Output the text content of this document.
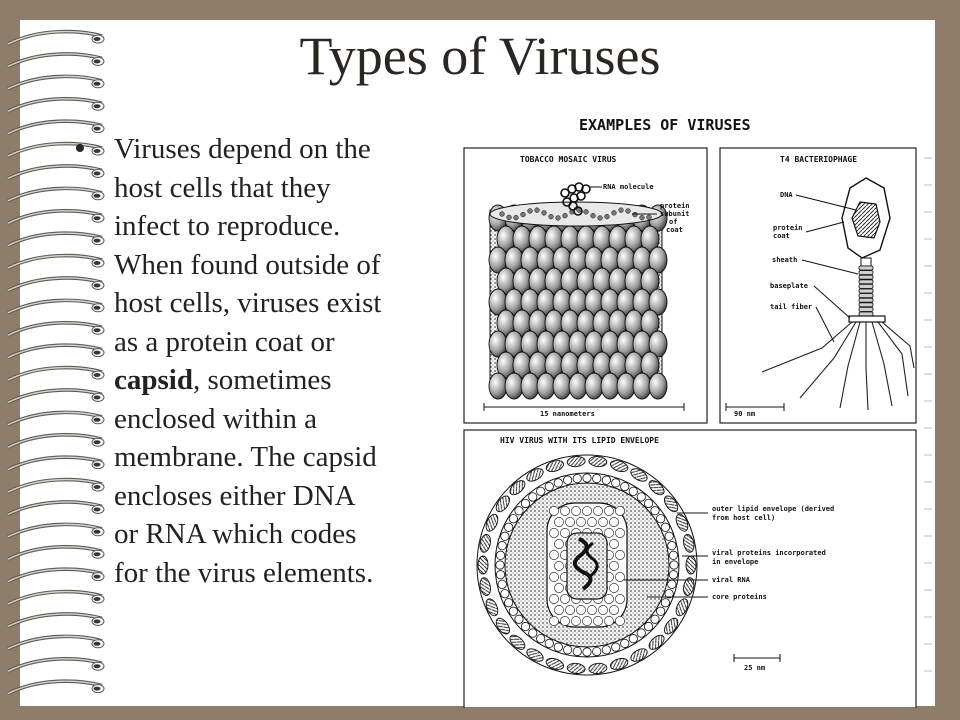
Types of Viruses
• Viruses depend on the
host cells that they
infect to reproduce.
When found outside of
host cells, viruses exist
as a protein coat or
capsid, sometimes
enclosed within a
membrane. The capsid
encloses either DNA
or RNA which codes
for the virus elements.
EXAMPLES OF VIRUSES
TOBACCO MOSAIC VIRUS
RNA molecule
protein subunit of coat
15 nanometers
T4 BACTERIOPHAGE
DNA
protein coat
sheath
baseplate
tail fiber
90 nm
HIV VIRUS WITH ITS LIPID ENVELOPE
outer lipid envelope (derived from host cell)
viral proteins incorporated in envelope
viral RNA
core proteins
25 nm
